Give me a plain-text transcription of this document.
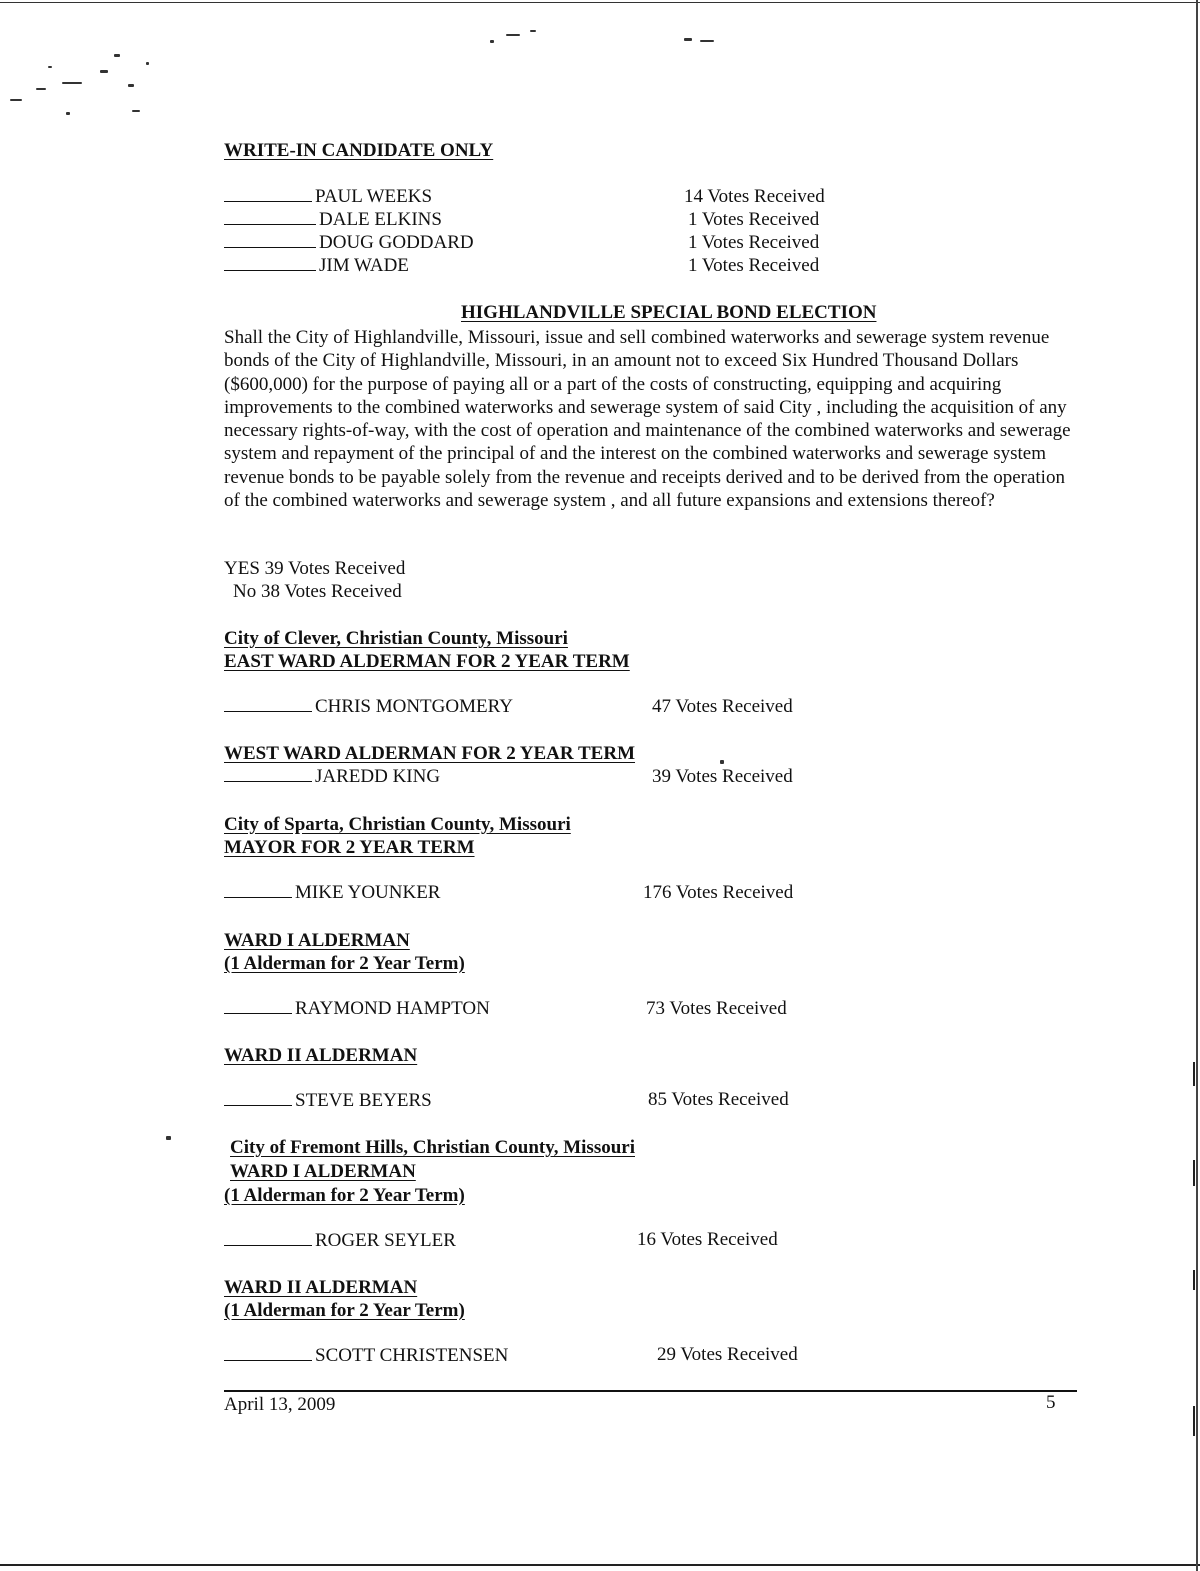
WRITE-IN CANDIDATE ONLY
PAUL WEEKS	14 Votes Received
DALE ELKINS	1 Votes Received
DOUG GODDARD	1 Votes Received
JIM WADE	1 Votes Received
HIGHLANDVILLE SPECIAL BOND ELECTION
Shall the City of Highlandville, Missouri, issue and sell combined waterworks and sewerage system revenue bonds of the City of Highlandville, Missouri, in an amount not to exceed Six Hundred Thousand Dollars ($600,000) for the purpose of paying all or a part of the costs of constructing, equipping and acquiring improvements to the combined waterworks and sewerage system of said City , including the acquisition of any necessary rights-of-way, with the cost of operation and maintenance of the combined waterworks and sewerage system and repayment of the principal of and the interest on the combined waterworks and sewerage system revenue bonds to be payable solely from the revenue and receipts derived and to be derived from the operation of the combined waterworks and sewerage system , and all future expansions and extensions thereof?
YES 39 Votes Received
No 38 Votes Received
City of Clever, Christian County, Missouri
EAST WARD ALDERMAN FOR 2 YEAR TERM
CHRIS MONTGOMERY	47 Votes Received
WEST WARD ALDERMAN FOR 2 YEAR TERM
JAREDD KING	39 Votes Received
City of Sparta, Christian County, Missouri
MAYOR FOR 2 YEAR TERM
MIKE YOUNKER	176 Votes Received
WARD I ALDERMAN
(1 Alderman for 2 Year Term)
RAYMOND HAMPTON	73 Votes Received
WARD II ALDERMAN
STEVE BEYERS	85 Votes Received
City of Fremont Hills, Christian County, Missouri
WARD I ALDERMAN
(1 Alderman for 2 Year Term)
ROGER SEYLER	16 Votes Received
WARD II ALDERMAN
(1 Alderman for 2 Year Term)
SCOTT CHRISTENSEN	29 Votes Received
April 13, 2009	5
